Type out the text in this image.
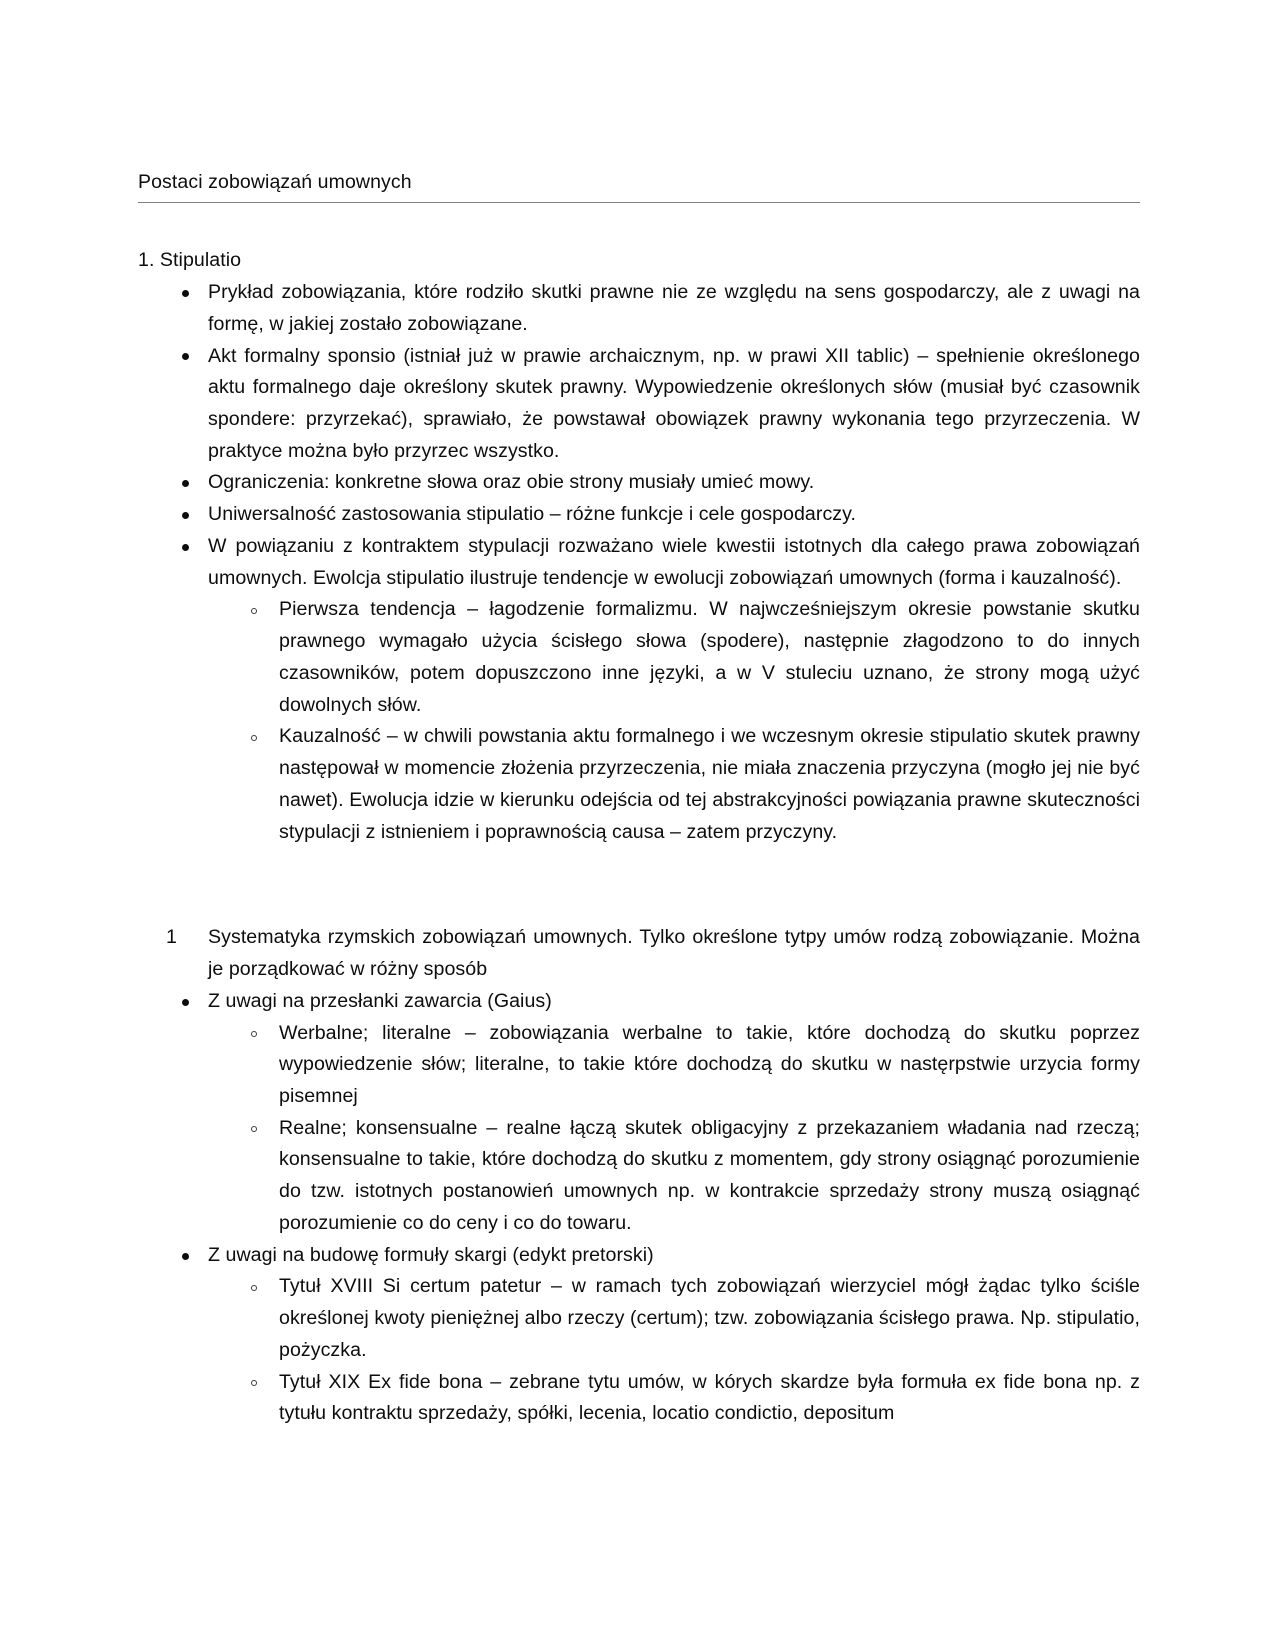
Postaci zobowiązań umownych
1. Stipulatio
Prykład zobowiązania, które rodziło skutki prawne nie ze względu na sens gospodarczy, ale z uwagi na formę, w jakiej zostało zobowiązane.
Akt formalny sponsio (istniał już w prawie archaicznym, np. w prawi XII tablic) – spełnienie określonego aktu formalnego daje określony skutek prawny. Wypowiedzenie określonych słów (musiał być czasownik spondere: przyrzekać), sprawiało, że powstawał obowiązek prawny wykonania tego przyrzeczenia. W praktyce można było przyrzec wszystko.
Ograniczenia: konkretne słowa oraz obie strony musiały umieć mowy.
Uniwersalność zastosowania stipulatio – różne funkcje i cele gospodarczy.
W powiązaniu z kontraktem stypulacji rozważano wiele kwestii istotnych dla całego prawa zobowiązań umownych. Ewolcja stipulatio ilustruje tendencje w ewolucji zobowiązań umownych (forma i kauzalność).
Pierwsza tendencja – łagodzenie formalizmu. W najwcześniejszym okresie powstanie skutku prawnego wymagało użycia ścisłego słowa (spodere), następnie złagodzono to do innych czasowników, potem dopuszczono inne języki, a w V stuleciu uznano, że strony mogą użyć dowolnych słów.
Kauzalność – w chwili powstania aktu formalnego i we wczesnym okresie stipulatio skutek prawny następował w momencie złożenia przyrzeczenia, nie miała znaczenia przyczyna (mogło jej nie być nawet). Ewolucja idzie w kierunku odejścia od tej abstrakcyjności powiązania prawne skuteczności stypulacji z istnieniem i poprawnością causa – zatem przyczyny.
1 Systematyka rzymskich zobowiązań umownych. Tylko określone tytpy umów rodzą zobowiązanie. Można je porządkować w różny sposób
Z uwagi na przesłanki zawarcia (Gaius)
Werbalne; literalne – zobowiązania werbalne to takie, które dochodzą do skutku poprzez wypowiedzenie słów; literalne, to takie które dochodzą do skutku w nastęrpstwie urzycia formy pisemnej
Realne; konsensualne – realne łączą skutek obligacyjny z przekazaniem władania nad rzeczą; konsensualne to takie, które dochodzą do skutku z momentem, gdy strony osiągnąć porozumienie do tzw. istotnych postanowień umownych np. w kontrakcie sprzedaży strony muszą osiągnąć porozumienie co do ceny i co do towaru.
Z uwagi na budowę formuły skargi (edykt pretorski)
Tytuł XVIII Si certum patetur – w ramach tych zobowiązań wierzyciel mógł żądac tylko ściśle określonej kwoty pieniężnej albo rzeczy (certum); tzw. zobowiązania ścisłego prawa. Np. stipulatio, pożyczka.
Tytuł XIX Ex fide bona – zebrane tytu umów, w kórych skardze była formuła ex fide bona np. z tytułu kontraktu sprzedaży, spółki, lecenia, locatio condictio, depositum
